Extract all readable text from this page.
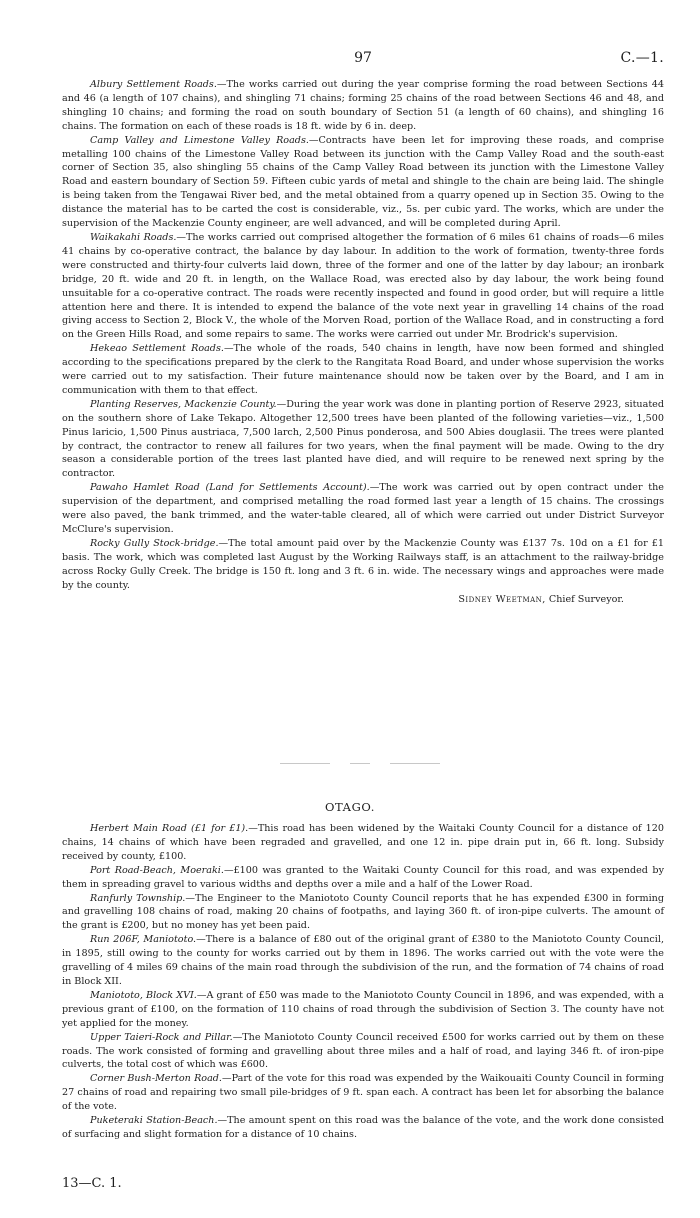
97	C.—1.

Albury Settlement Roads.—The works carried out during the year comprise forming the road between Sections 44 and 46 (a length of 107 chains), and shingling 71 chains; forming 25 chains of the road between Sections 46 and 48, and shingling 10 chains; and forming the road on south boundary of Section 51 (a length of 60 chains), and shingling 16 chains. The formation on each of these roads is 18 ft. wide by 6 in. deep.

Camp Valley and Limestone Valley Roads.—Contracts have been let for improving these roads, and comprise metalling 100 chains of the Limestone Valley Road between its junction with the Camp Valley Road and the south-east corner of Section 35, also shingling 55 chains of the Camp Valley Road between its junction with the Limestone Valley Road and eastern boundary of Section 59. Fifteen cubic yards of metal and shingle to the chain are being laid. The shingle is being taken from the Tengawai River bed, and the metal obtained from a quarry opened up in Section 35. Owing to the distance the material has to be carted the cost is considerable, viz., 5s. per cubic yard. The works, which are under the supervision of the Mackenzie County engineer, are well advanced, and will be completed during April.

Waikakahi Roads.—The works carried out comprised altogether the formation of 6 miles 61 chains of roads—6 miles 41 chains by co-operative contract, the balance by day labour. In addition to the work of formation, twenty-three fords were constructed and thirty-four culverts laid down, three of the former and one of the latter by day labour; an ironbark bridge, 20 ft. wide and 20 ft. in length, on the Wallace Road, was erected also by day labour, the work being found unsuitable for a co-operative contract. The roads were recently inspected and found in good order, but will require a little attention here and there. It is intended to expend the balance of the vote next year in gravelling 14 chains of the road giving access to Section 2, Block V., the whole of the Morven Road, portion of the Wallace Road, and in constructing a ford on the Green Hills Road, and some repairs to same. The works were carried out under Mr. Brodrick's supervision.

Hekeao Settlement Roads.—The whole of the roads, 540 chains in length, have now been formed and shingled according to the specifications prepared by the clerk to the Rangitata Road Board, and under whose supervision the works were carried out to my satisfaction. Their future maintenance should now be taken over by the Board, and I am in communication with them to that effect.

Planting Reserves, Mackenzie County.—During the year work was done in planting portion of Reserve 2923, situated on the southern shore of Lake Tekapo. Altogether 12,500 trees have been planted of the following varieties—viz., 1,500 Pinus laricio, 1,500 Pinus austriaca, 7,500 larch, 2,500 Pinus ponderosa, and 500 Abies douglasii. The trees were planted by contract, the contractor to renew all failures for two years, when the final payment will be made. Owing to the dry season a considerable portion of the trees last planted have died, and will require to be renewed next spring by the contractor.

Pawaho Hamlet Road (Land for Settlements Account).—The work was carried out by open contract under the supervision of the department, and comprised metalling the road formed last year a length of 15 chains. The crossings were also paved, the bank trimmed, and the water-table cleared, all of which were carried out under District Surveyor McClure's supervision.

Rocky Gully Stock-bridge.—The total amount paid over by the Mackenzie County was £137 7s. 10d on a £1 for £1 basis. The work, which was completed last August by the Working Railways staff, is an attachment to the railway-bridge across Rocky Gully Creek. The bridge is 150 ft. long and 3 ft. 6 in. wide. The necessary wings and approaches were made by the county.

Sidney Weetman, Chief Surveyor.

OTAGO.

Herbert Main Road (£1 for £1).—This road has been widened by the Waitaki County Council for a distance of 120 chains, 14 chains of which have been regraded and gravelled, and one 12 in. pipe drain put in, 66 ft. long. Subsidy received by county, £100.

Port Road-Beach, Moeraki.—£100 was granted to the Waitaki County Council for this road, and was expended by them in spreading gravel to various widths and depths over a mile and a half of the Lower Road.

Ranfurly Township.—The Engineer to the Maniototo County Council reports that he has expended £300 in forming and gravelling 108 chains of road, making 20 chains of footpaths, and laying 360 ft. of iron-pipe culverts. The amount of the grant is £200, but no money has yet been paid.

Run 206F, Maniototo.—There is a balance of £80 out of the original grant of £380 to the Maniototo County Council, in 1895, still owing to the county for works carried out by them in 1896. The works carried out with the vote were the gravelling of 4 miles 69 chains of the main road through the subdivision of the run, and the formation of 74 chains of road in Block XII.

Maniototo, Block XVI.—A grant of £50 was made to the Maniototo County Council in 1896, and was expended, with a previous grant of £100, on the formation of 110 chains of road through the subdivision of Section 3. The county have not yet applied for the money.

Upper Taieri-Rock and Pillar.—The Maniototo County Council received £500 for works carried out by them on these roads. The work consisted of forming and gravelling about three miles and a half of road, and laying 346 ft. of iron-pipe culverts, the total cost of which was £600.

Corner Bush-Merton Road.—Part of the vote for this road was expended by the Waikouaiti County Council in forming 27 chains of road and repairing two small pile-bridges of 9 ft. span each. A contract has been let for absorbing the balance of the vote.

Puketeraki Station-Beach.—The amount spent on this road was the balance of the vote, and the work done consisted of surfacing and slight formation for a distance of 10 chains.

13—C. 1.
